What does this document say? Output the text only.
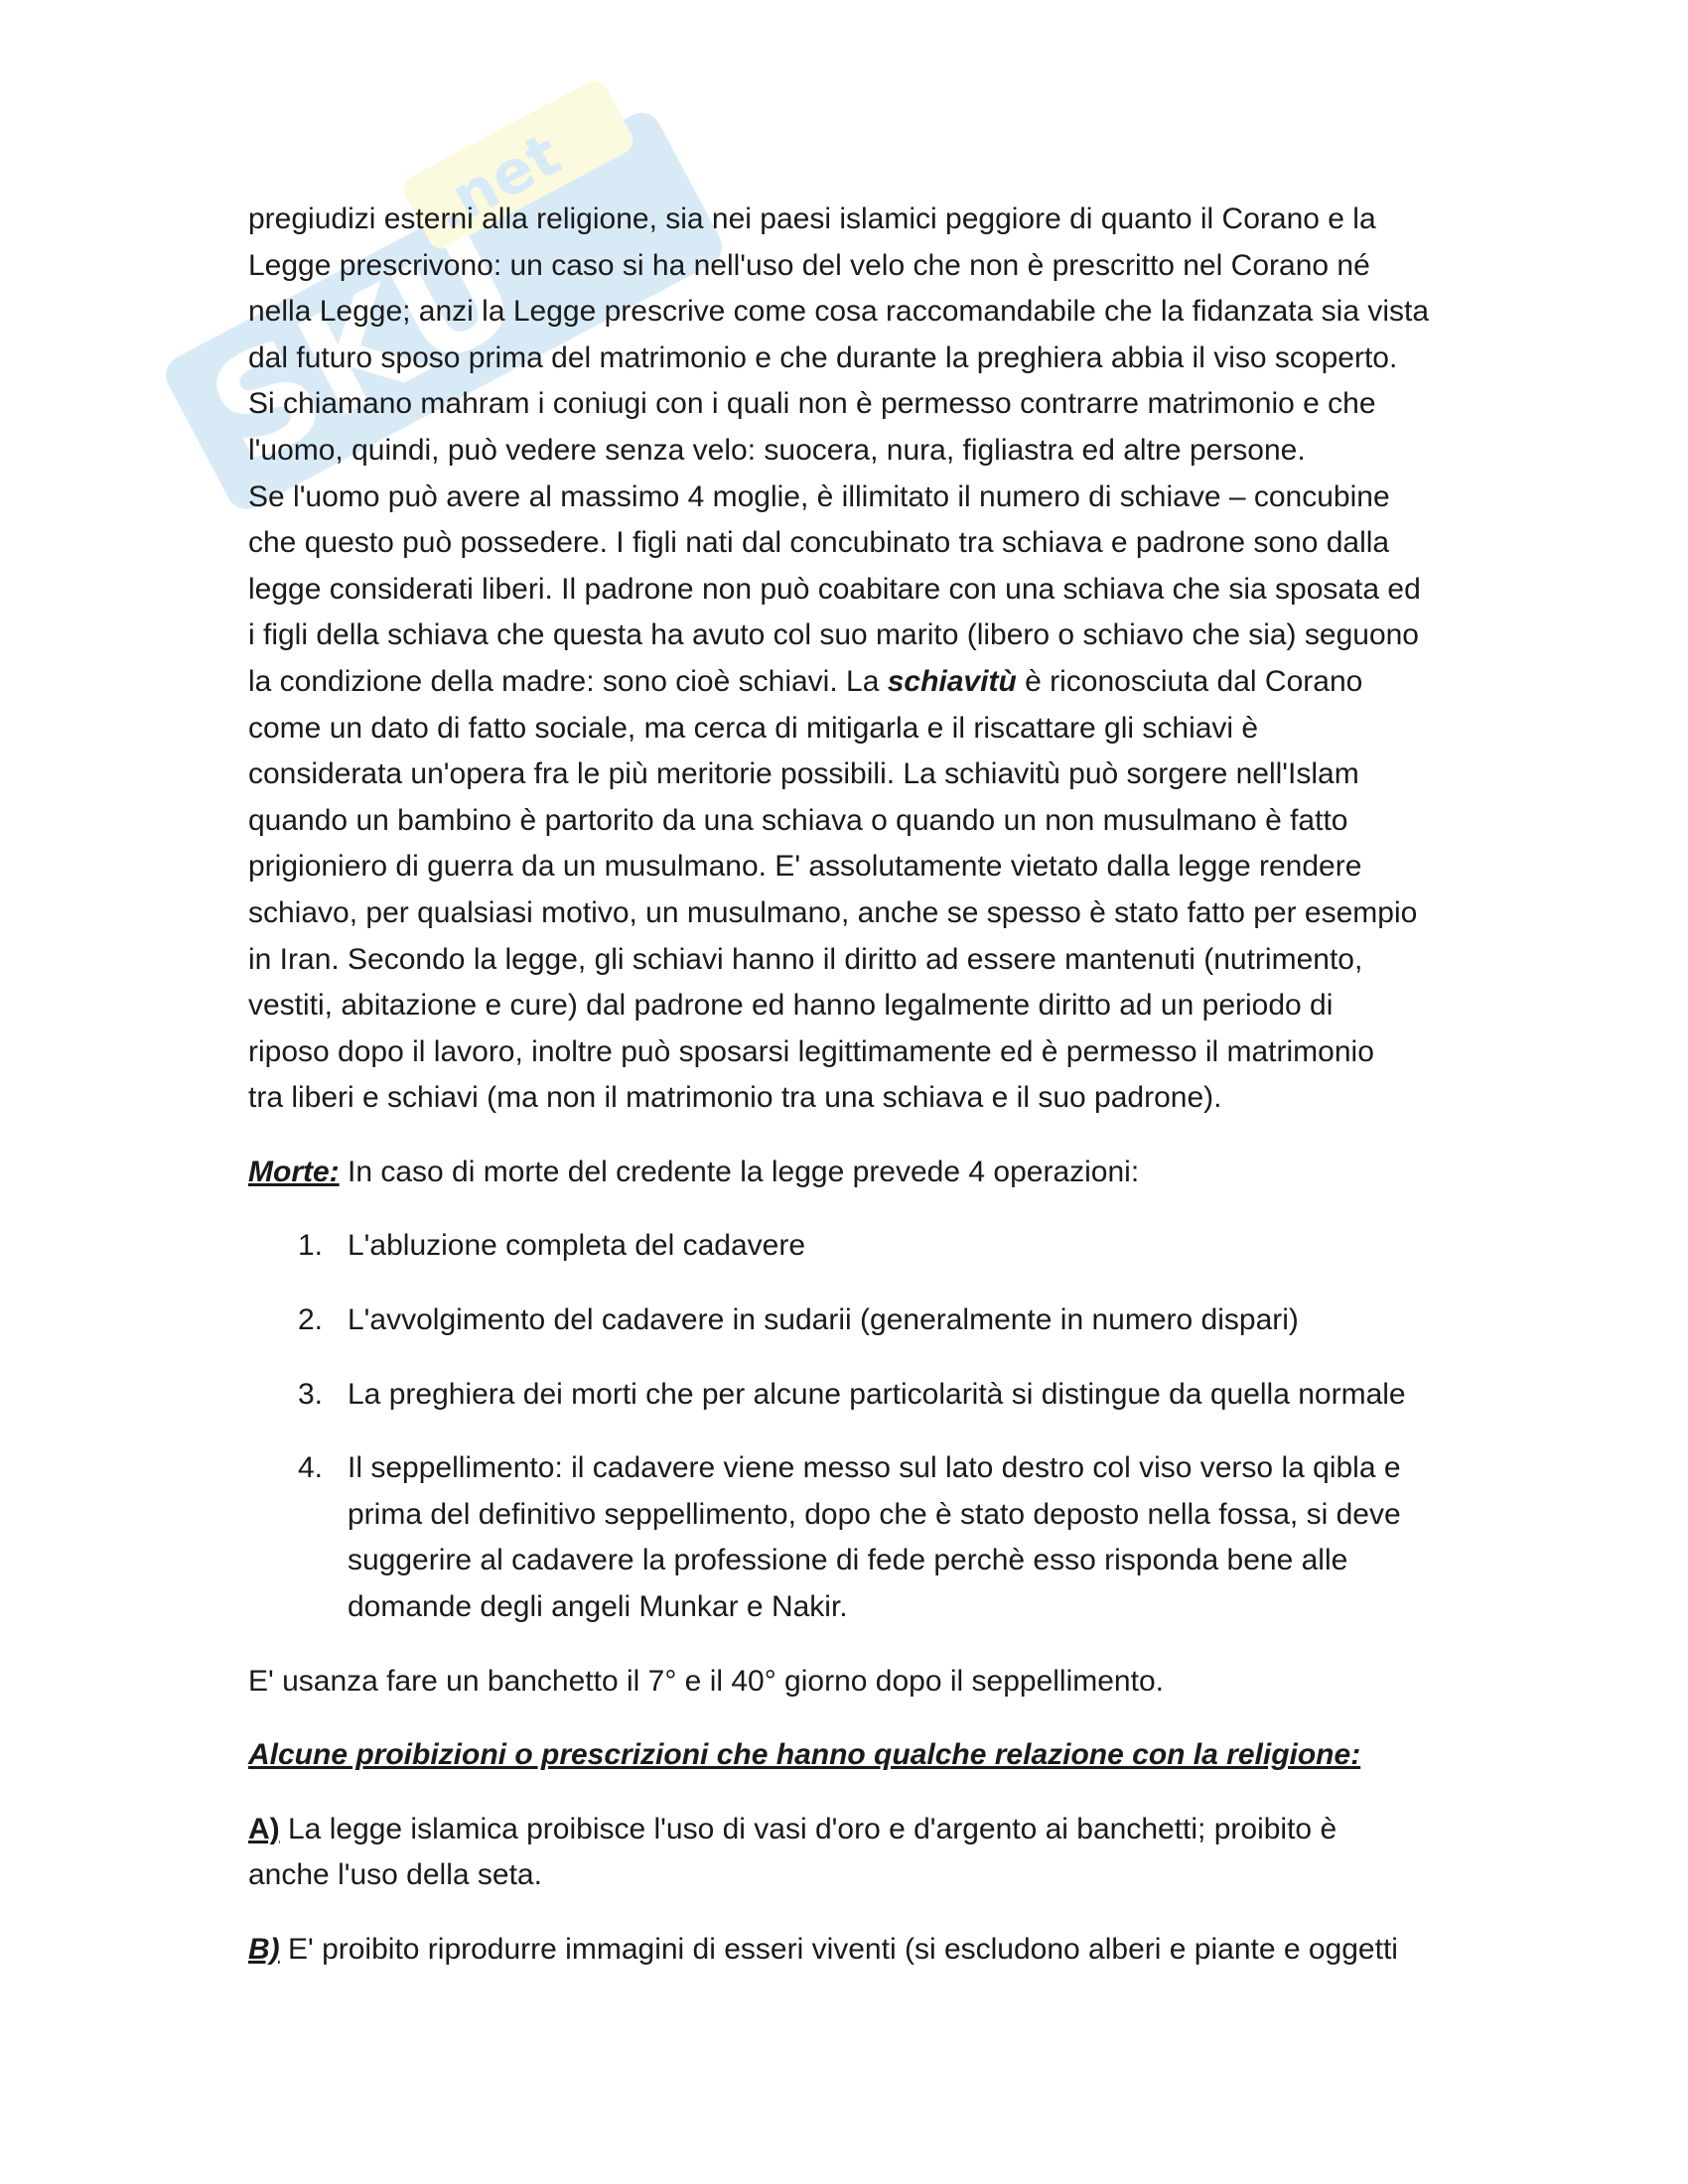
SKU
.net
pregiudizi esterni alla religione, sia nei paesi islamici peggiore di quanto il Corano e la
Legge prescrivono: un caso si ha nell'uso del velo che non è prescritto nel Corano né
nella Legge; anzi la Legge prescrive come cosa raccomandabile che la fidanzata sia vista
dal futuro sposo prima del matrimonio e che durante la preghiera abbia il viso scoperto.
Si chiamano mahram i coniugi con i quali non è permesso contrarre matrimonio e che
l'uomo, quindi, può vedere senza velo: suocera, nura, figliastra ed altre persone.
Se l'uomo può avere al massimo 4 moglie, è illimitato il numero di schiave – concubine
che questo può possedere. I figli nati dal concubinato tra schiava e padrone sono dalla
legge considerati liberi. Il padrone non può coabitare con una schiava che sia sposata ed
i figli della schiava che questa ha avuto col suo marito (libero o schiavo che sia) seguono
la condizione della madre: sono cioè schiavi. La schiavitù è riconosciuta dal Corano
come un dato di fatto sociale, ma cerca di mitigarla e il riscattare gli schiavi è
considerata un'opera fra le più meritorie possibili. La schiavitù può sorgere nell'Islam
quando un bambino è partorito da una schiava o quando un non musulmano è fatto
prigioniero di guerra da un musulmano. E' assolutamente vietato dalla legge rendere
schiavo, per qualsiasi motivo, un musulmano, anche se spesso è stato fatto per esempio
in Iran. Secondo la legge, gli schiavi hanno il diritto ad essere mantenuti (nutrimento,
vestiti, abitazione e cure) dal padrone ed hanno legalmente diritto ad un periodo di
riposo dopo il lavoro, inoltre può sposarsi legittimamente ed è permesso il matrimonio
tra liberi e schiavi (ma non il matrimonio tra una schiava e il suo padrone).
Morte: In caso di morte del credente la legge prevede 4 operazioni:
1. L'abluzione completa del cadavere
2. L'avvolgimento del cadavere in sudarii (generalmente in numero dispari)
3. La preghiera dei morti che per alcune particolarità si distingue da quella normale
4. Il seppellimento: il cadavere viene messo sul lato destro col viso verso la qibla e
prima del definitivo seppellimento, dopo che è stato deposto nella fossa, si deve
suggerire al cadavere la professione di fede perchè esso risponda bene alle
domande degli angeli Munkar e Nakir.
E' usanza fare un banchetto il 7° e il 40° giorno dopo il seppellimento.
Alcune proibizioni o prescrizioni che hanno qualche relazione con la religione:
A) La legge islamica proibisce l'uso di vasi d'oro e d'argento ai banchetti; proibito è
anche l'uso della seta.
B) E' proibito riprodurre immagini di esseri viventi (si escludono alberi e piante e oggetti
